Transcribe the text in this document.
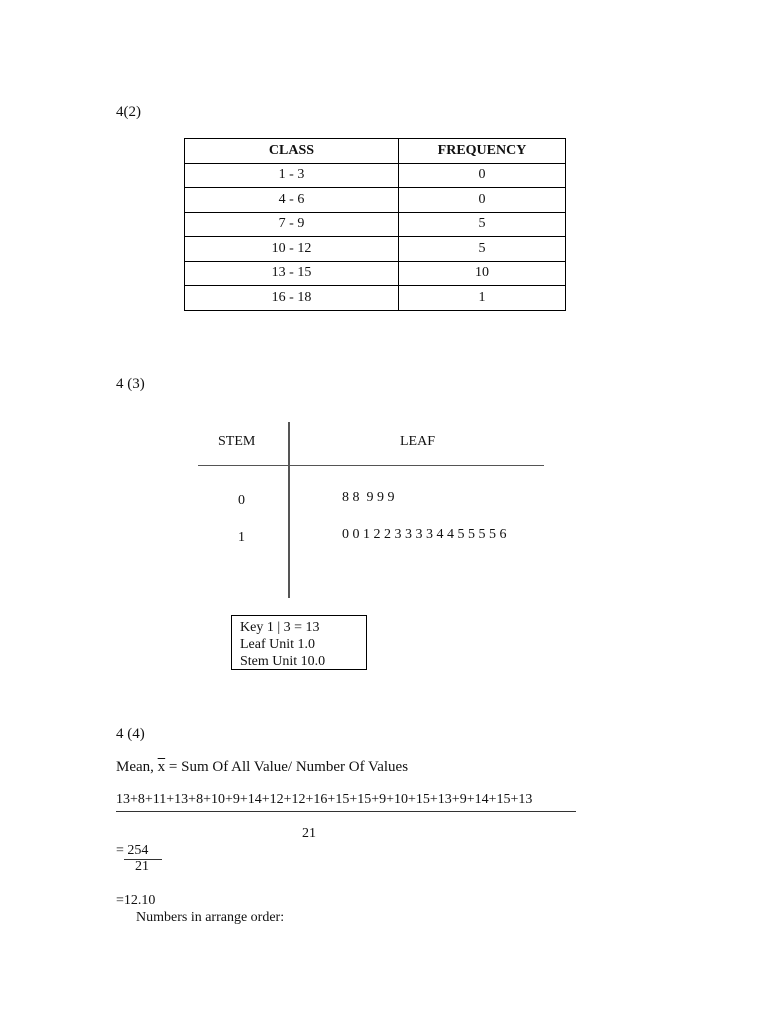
4(2)
CLASS	FREQUENCY
1 - 3	0
4 - 6	0
7 - 9	5
10 - 12	5
13 - 15	10
16 - 18	1
4 (3)
STEM	LEAF
0	8 8  9 9 9
1	0 0 1 2 2 3 3 3 3 4 4 5 5 5 5 6
Key 1 | 3 = 13
Leaf Unit 1.0
Stem Unit 10.0
4 (4)
Mean, $\overline{x}$ = Sum Of All Value/ Number Of Values
13+8+11+13+8+10+9+14+12+12+16+15+15+9+10+15+13+9+14+15+13
21
= 254
21
=12.10
Numbers in arrange order:
